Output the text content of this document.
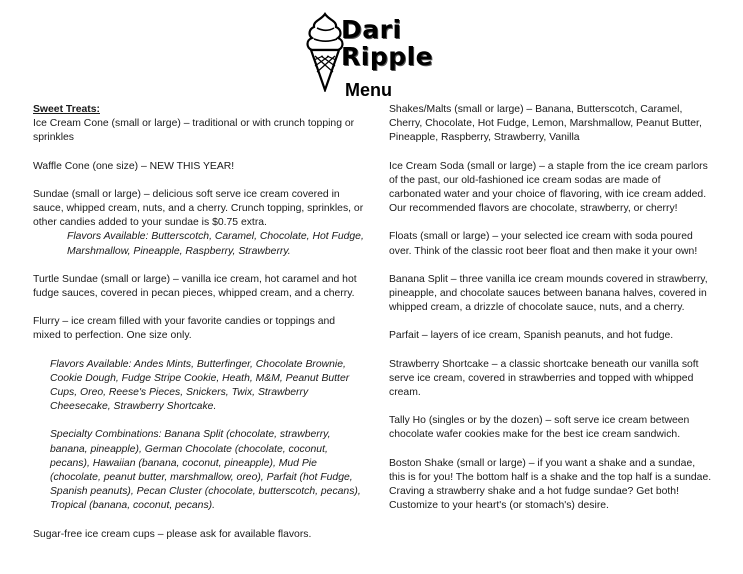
Dari
Ripple
Menu
Sweet Treats:

Ice Cream Cone (small or large) – traditional or with crunch topping or sprinkles

Waffle Cone (one size) – NEW THIS YEAR!

Sundae (small or large) – delicious soft serve ice cream covered in sauce, whipped cream, nuts, and a cherry. Crunch topping, sprinkles, or other candies added to your sundae is $0.75 extra.

Flavors Available: Butterscotch, Caramel, Chocolate, Hot Fudge, Marshmallow, Pineapple, Raspberry, Strawberry.

Turtle Sundae (small or large) – vanilla ice cream, hot caramel and hot fudge sauces, covered in pecan pieces, whipped cream, and a cherry.

Flurry – ice cream filled with your favorite candies or toppings and mixed to perfection. One size only.

Flavors Available: Andes Mints, Butterfinger, Chocolate Brownie, Cookie Dough, Fudge Stripe Cookie, Heath, M&M, Peanut Butter Cups, Oreo, Reese's Pieces, Snickers, Twix, Strawberry Cheesecake, Strawberry Shortcake.

Specialty Combinations: Banana Split (chocolate, strawberry, banana, pineapple), German Chocolate (chocolate, coconut, pecans), Hawaiian (banana, coconut, pineapple), Mud Pie (chocolate, peanut butter, marshmallow, oreo), Parfait (hot Fudge, Spanish peanuts), Pecan Cluster (chocolate, butterscotch, pecans), Tropical (banana, coconut, pecans).

Sugar-free ice cream cups – please ask for available flavors.

Shakes/Malts (small or large) – Banana, Butterscotch, Caramel, Cherry, Chocolate, Hot Fudge, Lemon, Marshmallow, Peanut Butter, Pineapple, Raspberry, Strawberry, Vanilla

Ice Cream Soda (small or large) – a staple from the ice cream parlors of the past, our old-fashioned ice cream sodas are made of carbonated water and your choice of flavoring, with ice cream added. Our recommended flavors are chocolate, strawberry, or cherry!

Floats (small or large) – your selected ice cream with soda poured over. Think of the classic root beer float and then make it your own!

Banana Split – three vanilla ice cream mounds covered in strawberry, pineapple, and chocolate sauces between banana halves, covered in whipped cream, a drizzle of chocolate sauce, nuts, and a cherry.

Parfait – layers of ice cream, Spanish peanuts, and hot fudge.

Strawberry Shortcake – a classic shortcake beneath our vanilla soft serve ice cream, covered in strawberries and topped with whipped cream.

Tally Ho (singles or by the dozen) – soft serve ice cream between chocolate wafer cookies make for the best ice cream sandwich.

Boston Shake (small or large) – if you want a shake and a sundae, this is for you! The bottom half is a shake and the top half is a sundae. Craving a strawberry shake and a hot fudge sundae? Get both! Customize to your heart's (or stomach's) desire.
